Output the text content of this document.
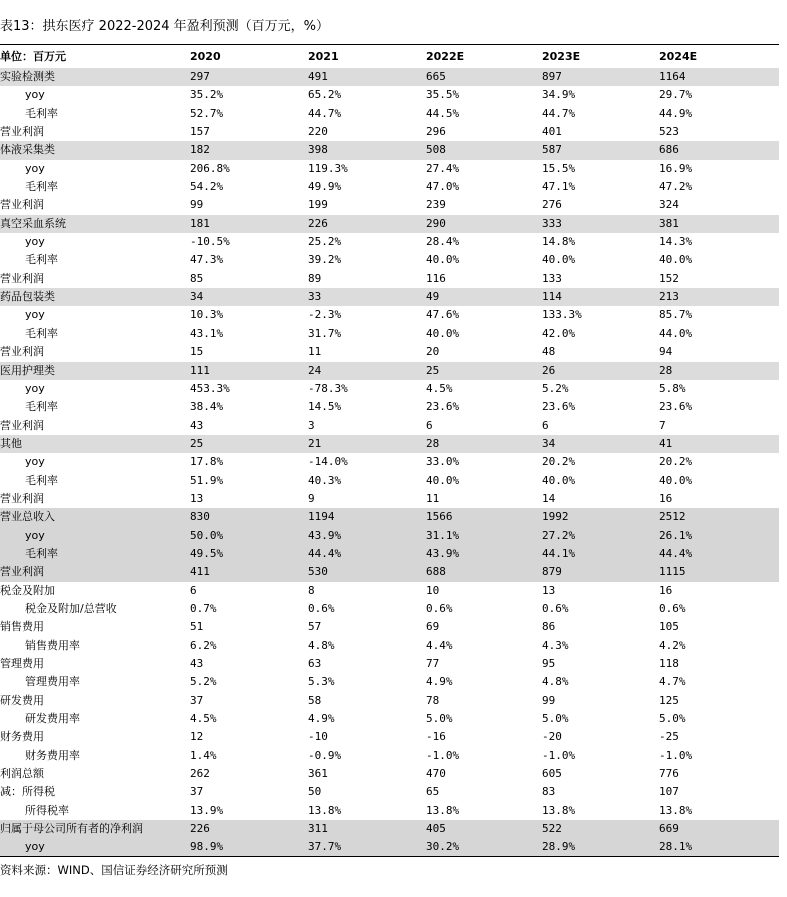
表13：拱东医疗 2022-2024 年盈利预测（百万元，%）
单位：百万元	2020	2021	2022E	2023E	2024E
实验检测类	297	491	665	897	1164
yoy	35.2%	65.2%	35.5%	34.9%	29.7%
毛利率	52.7%	44.7%	44.5%	44.7%	44.9%
营业利润	157	220	296	401	523
体液采集类	182	398	508	587	686
yoy	206.8%	119.3%	27.4%	15.5%	16.9%
毛利率	54.2%	49.9%	47.0%	47.1%	47.2%
营业利润	99	199	239	276	324
真空采血系统	181	226	290	333	381
yoy	-10.5%	25.2%	28.4%	14.8%	14.3%
毛利率	47.3%	39.2%	40.0%	40.0%	40.0%
营业利润	85	89	116	133	152
药品包装类	34	33	49	114	213
yoy	10.3%	-2.3%	47.6%	133.3%	85.7%
毛利率	43.1%	31.7%	40.0%	42.0%	44.0%
营业利润	15	11	20	48	94
医用护理类	111	24	25	26	28
yoy	453.3%	-78.3%	4.5%	5.2%	5.8%
毛利率	38.4%	14.5%	23.6%	23.6%	23.6%
营业利润	43	3	6	6	7
其他	25	21	28	34	41
yoy	17.8%	-14.0%	33.0%	20.2%	20.2%
毛利率	51.9%	40.3%	40.0%	40.0%	40.0%
营业利润	13	9	11	14	16
营业总收入	830	1194	1566	1992	2512
yoy	50.0%	43.9%	31.1%	27.2%	26.1%
毛利率	49.5%	44.4%	43.9%	44.1%	44.4%
营业利润	411	530	688	879	1115
税金及附加	6	8	10	13	16
税金及附加/总营收	0.7%	0.6%	0.6%	0.6%	0.6%
销售费用	51	57	69	86	105
销售费用率	6.2%	4.8%	4.4%	4.3%	4.2%
管理费用	43	63	77	95	118
管理费用率	5.2%	5.3%	4.9%	4.8%	4.7%
研发费用	37	58	78	99	125
研发费用率	4.5%	4.9%	5.0%	5.0%	5.0%
财务费用	12	-10	-16	-20	-25
财务费用率	1.4%	-0.9%	-1.0%	-1.0%	-1.0%
利润总额	262	361	470	605	776
减：所得税	37	50	65	83	107
所得税率	13.9%	13.8%	13.8%	13.8%	13.8%
归属于母公司所有者的净利润	226	311	405	522	669
yoy	98.9%	37.7%	30.2%	28.9%	28.1%
资料来源：WIND、国信证券经济研究所预测
